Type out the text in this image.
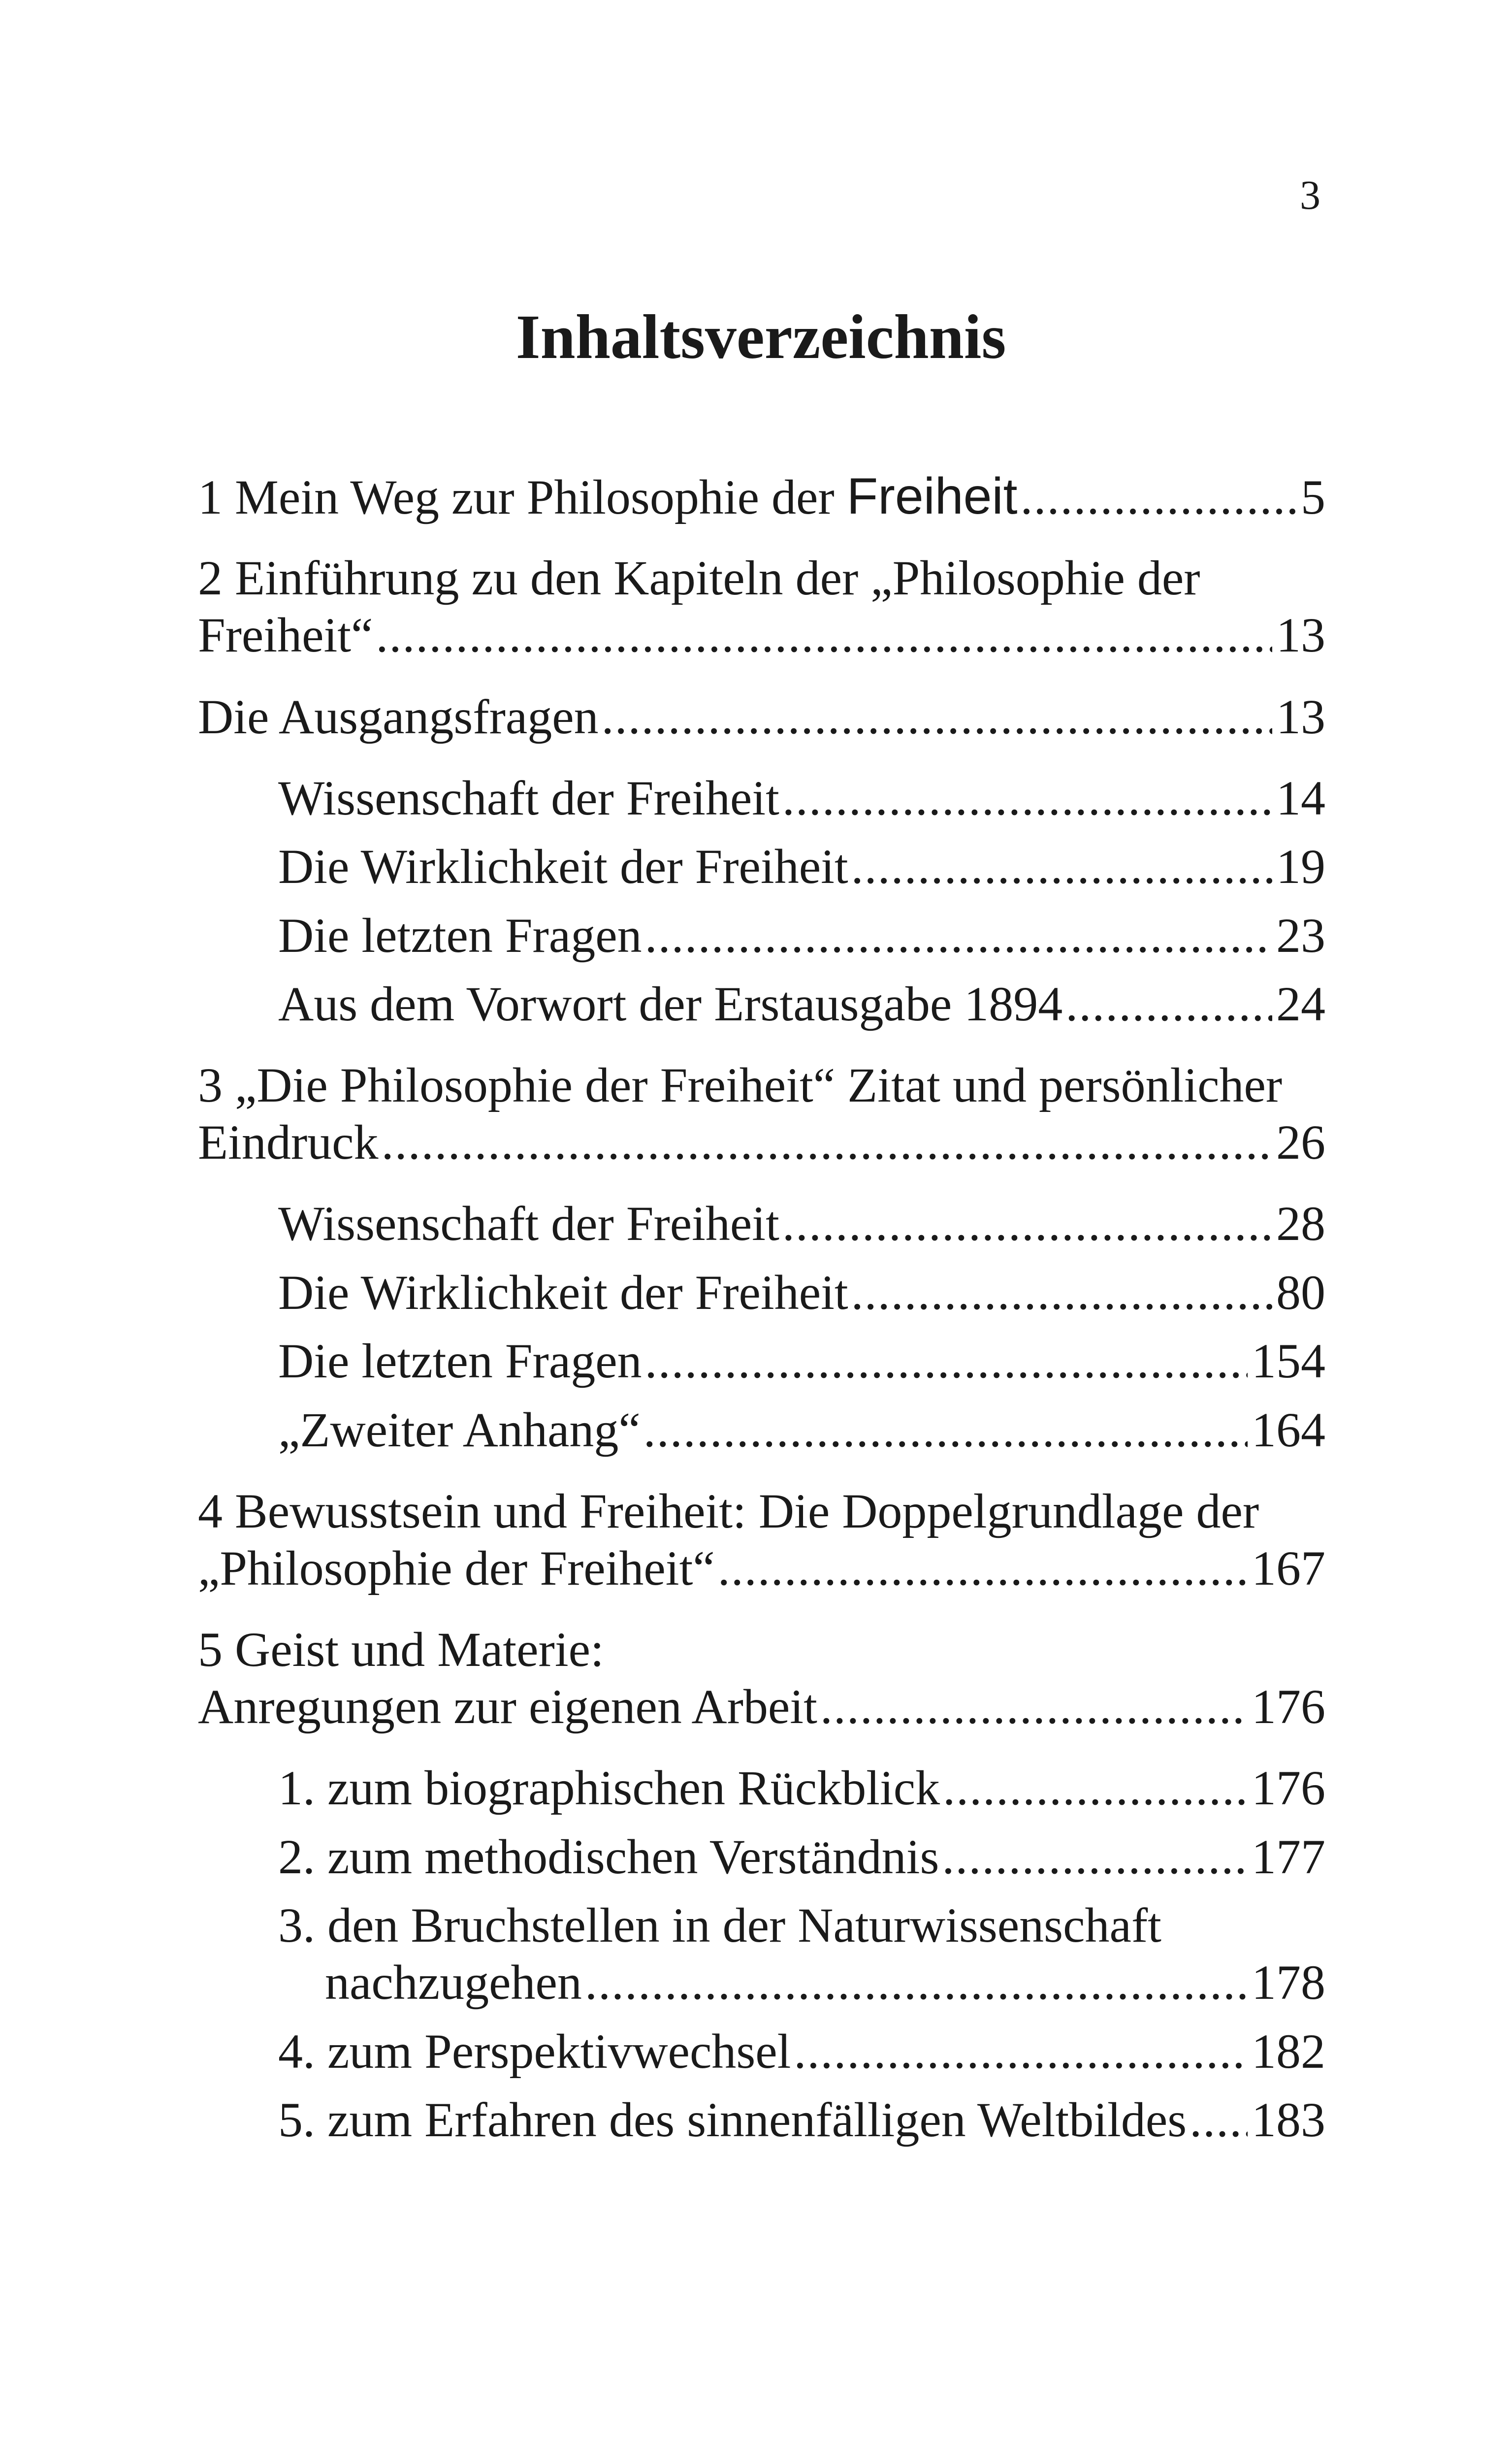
3
Inhaltsverzeichnis
1 Mein Weg zur Philosophie der Freiheit .....	5
2 Einführung zu den Kapiteln der „Philosophie der
Freiheit“ .....	13
Die Ausgangsfragen .....	13
Wissenschaft der Freiheit .....	14
Die Wirklichkeit der Freiheit .....	19
Die letzten Fragen .....	23
Aus dem Vorwort der Erstausgabe 1894 .....	24
3 „Die Philosophie der Freiheit“ Zitat und persönlicher
Eindruck .....	26
Wissenschaft der Freiheit .....	28
Die Wirklichkeit der Freiheit .....	80
Die letzten Fragen .....	154
„Zweiter Anhang“ .....	164
4 Bewusstsein und Freiheit: Die Doppelgrundlage der
„Philosophie der Freiheit“ .....	167
5 Geist und Materie:
Anregungen zur eigenen Arbeit .....	176
1. zum biographischen Rückblick .....	176
2. zum methodischen Verständnis .....	177
3. den Bruchstellen in der Naturwissenschaft
nachzugehen .....	178
4. zum Perspektivwechsel .....	182
5. zum Erfahren des sinnenfälligen Weltbildes ..... 183
